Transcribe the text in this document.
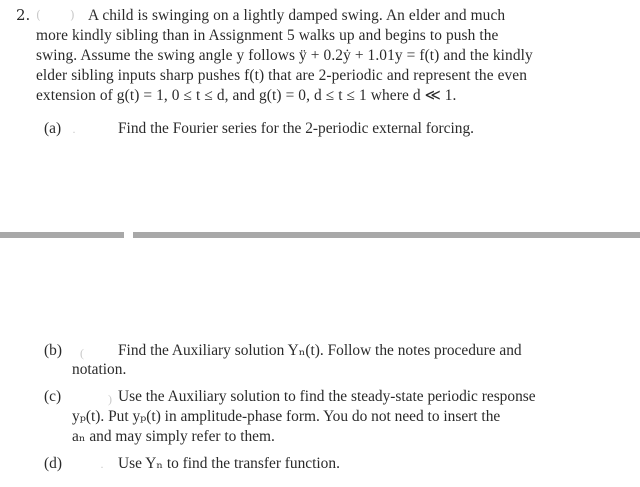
2. ( ) A child is swinging on a lightly damped swing. An elder and much
more kindly sibling than in Assignment 5 walks up and begins to push the
swing. Assume the swing angle y follows ÿ + 0.2ẏ + 1.01y = f(t) and the kindly
elder sibling inputs sharp pushes f(t) that are 2-periodic and represent the even
extension of g(t) = 1, 0 ≤ t ≤ d, and g(t) = 0, d ≤ t ≤ 1 where d ≪ 1.
(a) ·	Find the Fourier series for the 2-periodic external forcing.
(b) ( Find the Auxiliary solution Yₙ(t). Follow the notes procedure and
notation.
(c)	) Use the Auxiliary solution to find the steady-state periodic response
yₚ(t). Put yₚ(t) in amplitude-phase form. You do not need to insert the
aₙ and may simply refer to them.
(d)	· Use Yₙ to find the transfer function.
